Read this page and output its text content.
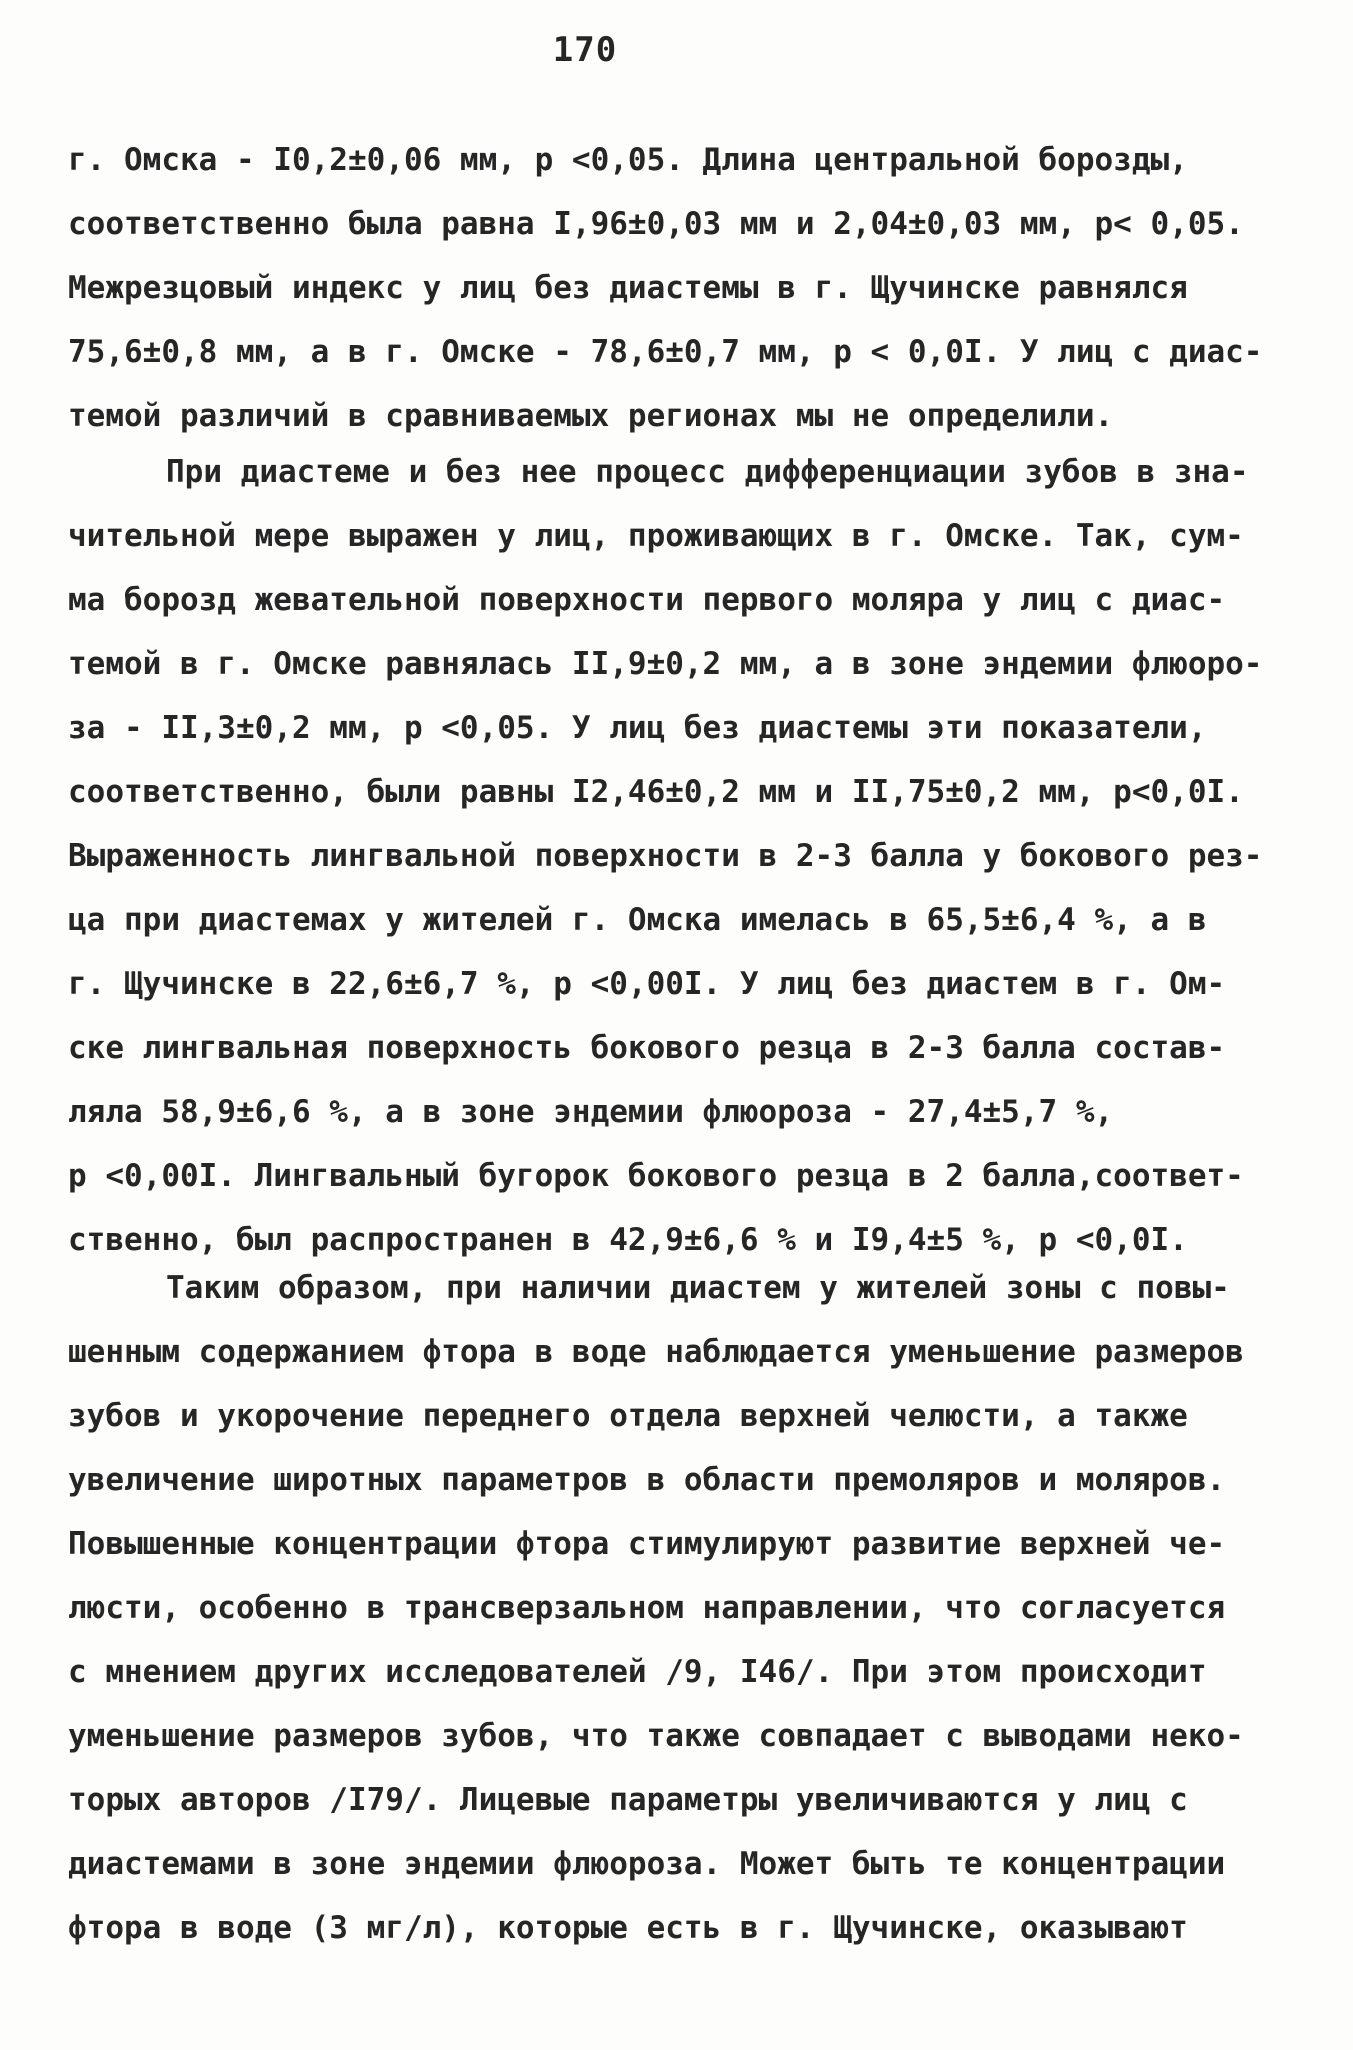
170
г. Омска - I0,2±0,06 мм, р <0,05. Длина центральной борозды,
соответственно была равна I,96±0,03 мм и 2,04±0,03 мм, р< 0,05.
Межрезцовый индекс у лиц без диастемы в г. Щучинске равнялся
75,6±0,8 мм, а в г. Омске - 78,6±0,7 мм, р < 0,0I. У лиц с диас-
темой различий в сравниваемых регионах мы не определили.
При диастеме и без нее процесс дифференциации зубов в зна-
чительной мере выражен у лиц, проживающих в г. Омске. Так, сум-
ма борозд жевательной поверхности первого моляра у лиц с диас-
темой в г. Омске равнялась II,9±0,2 мм, а в зоне эндемии флюоро-
за - II,3±0,2 мм, р <0,05. У лиц без диастемы эти показатели,
соответственно, были равны I2,46±0,2 мм и II,75±0,2 мм, р<0,0I.
Выраженность лингвальной поверхности в 2-3 балла у бокового рез-
ца при диастемах у жителей г. Омска имелась в 65,5±6,4 %, а в
г. Щучинске в 22,6±6,7 %, р <0,00I. У лиц без диастем в г. Ом-
ске лингвальная поверхность бокового резца в 2-3 балла состав-
ляла 58,9±6,6 %, а в зоне эндемии флюороза - 27,4±5,7 %,
р <0,00I. Лингвальный бугорок бокового резца в 2 балла,соответ-
ственно, был распространен в 42,9±6,6 % и I9,4±5 %, р <0,0I.
Таким образом, при наличии диастем у жителей зоны с повы-
шенным содержанием фтора в воде наблюдается уменьшение размеров
зубов и укорочение переднего отдела верхней челюсти, а также
увеличение широтных параметров в области премоляров и моляров.
Повышенные концентрации фтора стимулируют развитие верхней че-
люсти, особенно в трансверзальном направлении, что согласуется
с мнением других исследователей /9, I46/. При этом происходит
уменьшение размеров зубов, что также совпадает с выводами неко-
торых авторов /I79/. Лицевые параметры увеличиваются у лиц с
диастемами в зоне эндемии флюороза. Может быть те концентрации
фтора в воде (3 мг/л), которые есть в г. Щучинске, оказывают
